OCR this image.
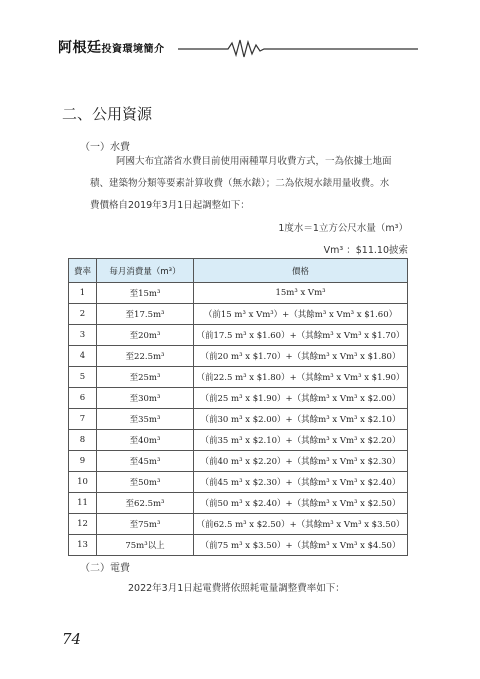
阿根廷投資環境簡介
二、公用資源
（一）水費
阿國大布宜諾省水費目前使用兩種單月收費方式，一為依據土地面
積、建築物分類等要素計算收費（無水錶）；二為依規水錶用量收費。水
費價格自2019年3月1日起調整如下：
1度水＝1立方公尺水量（m³）
Vm³ ：$11.10披索
費率	每月消費量（m³）	價格
1	至15m³	15m³ x Vm³
2	至17.5m³	（前15 m³ x Vm³）+（其餘m³ x Vm³ x $1.60）
3	至20m³	（前17.5 m³ x $1.60）+（其餘m³ x Vm³ x $1.70）
4	至22.5m³	（前20 m³ x $1.70）+（其餘m³ x Vm³ x $1.80）
5	至25m³	（前22.5 m³ x $1.80）+（其餘m³ x Vm³ x $1.90）
6	至30m³	（前25 m³ x $1.90）+（其餘m³ x Vm³ x $2.00）
7	至35m³	（前30 m³ x $2.00）+（其餘m³ x Vm³ x $2.10）
8	至40m³	（前35 m³ x $2.10）+（其餘m³ x Vm³ x $2.20）
9	至45m³	（前40 m³ x $2.20）+（其餘m³ x Vm³ x $2.30）
10	至50m³	（前45 m³ x $2.30）+（其餘m³ x Vm³ x $2.40）
11	至62.5m³	（前50 m³ x $2.40）+（其餘m³ x Vm³ x $2.50）
12	至75m³	（前62.5 m³ x $2.50）+（其餘m³ x Vm³ x $3.50）
13	75m³以上	（前75 m³ x $3.50）+（其餘m³ x Vm³ x $4.50）
（二）電費
2022年3月1日起電費將依照耗電量調整費率如下：
74
